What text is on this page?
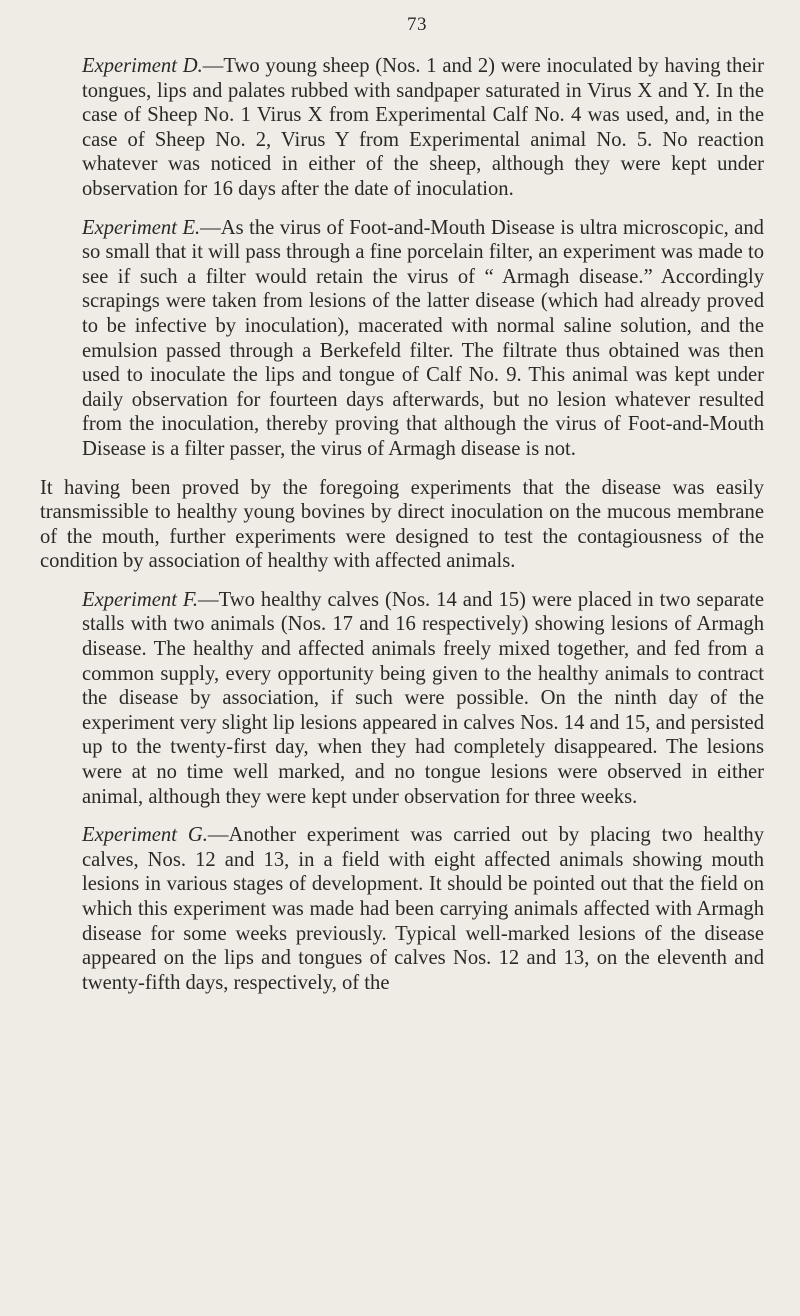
73

Experiment D.—Two young sheep (Nos. 1 and 2) were inoculated by having their tongues, lips and palates rubbed with sandpaper saturated in Virus X and Y. In the case of Sheep No. 1 Virus X from Experimental Calf No. 4 was used, and, in the case of Sheep No. 2, Virus Y from Experimental animal No. 5. No reaction whatever was noticed in either of the sheep, although they were kept under observation for 16 days after the date of inoculation.

Experiment E.—As the virus of Foot-and-Mouth Disease is ultra microscopic, and so small that it will pass through a fine porcelain filter, an experiment was made to see if such a filter would retain the virus of “ Armagh disease.” Accordingly scrapings were taken from lesions of the latter disease (which had already proved to be infective by inoculation), macerated with normal saline solution, and the emulsion passed through a Berkefeld filter. The filtrate thus obtained was then used to inoculate the lips and tongue of Calf No. 9. This animal was kept under daily observation for fourteen days afterwards, but no lesion whatever resulted from the inoculation, thereby proving that although the virus of Foot-and-Mouth Disease is a filter passer, the virus of Armagh disease is not.

It having been proved by the foregoing experiments that the disease was easily transmissible to healthy young bovines by direct inoculation on the mucous membrane of the mouth, further experiments were designed to test the contagiousness of the condition by association of healthy with affected animals.

Experiment F.—Two healthy calves (Nos. 14 and 15) were placed in two separate stalls with two animals (Nos. 17 and 16 respectively) showing lesions of Armagh disease. The healthy and affected animals freely mixed together, and fed from a common supply, every opportunity being given to the healthy animals to contract the disease by association, if such were possible. On the ninth day of the experiment very slight lip lesions appeared in calves Nos. 14 and 15, and persisted up to the twenty-first day, when they had completely disappeared. The lesions were at no time well marked, and no tongue lesions were observed in either animal, although they were kept under observation for three weeks.

Experiment G.—Another experiment was carried out by placing two healthy calves, Nos. 12 and 13, in a field with eight affected animals showing mouth lesions in various stages of development. It should be pointed out that the field on which this experiment was made had been carrying animals affected with Armagh disease for some weeks previously. Typical well-marked lesions of the disease appeared on the lips and tongues of calves Nos. 12 and 13, on the eleventh and twenty-fifth days, respectively, of the
